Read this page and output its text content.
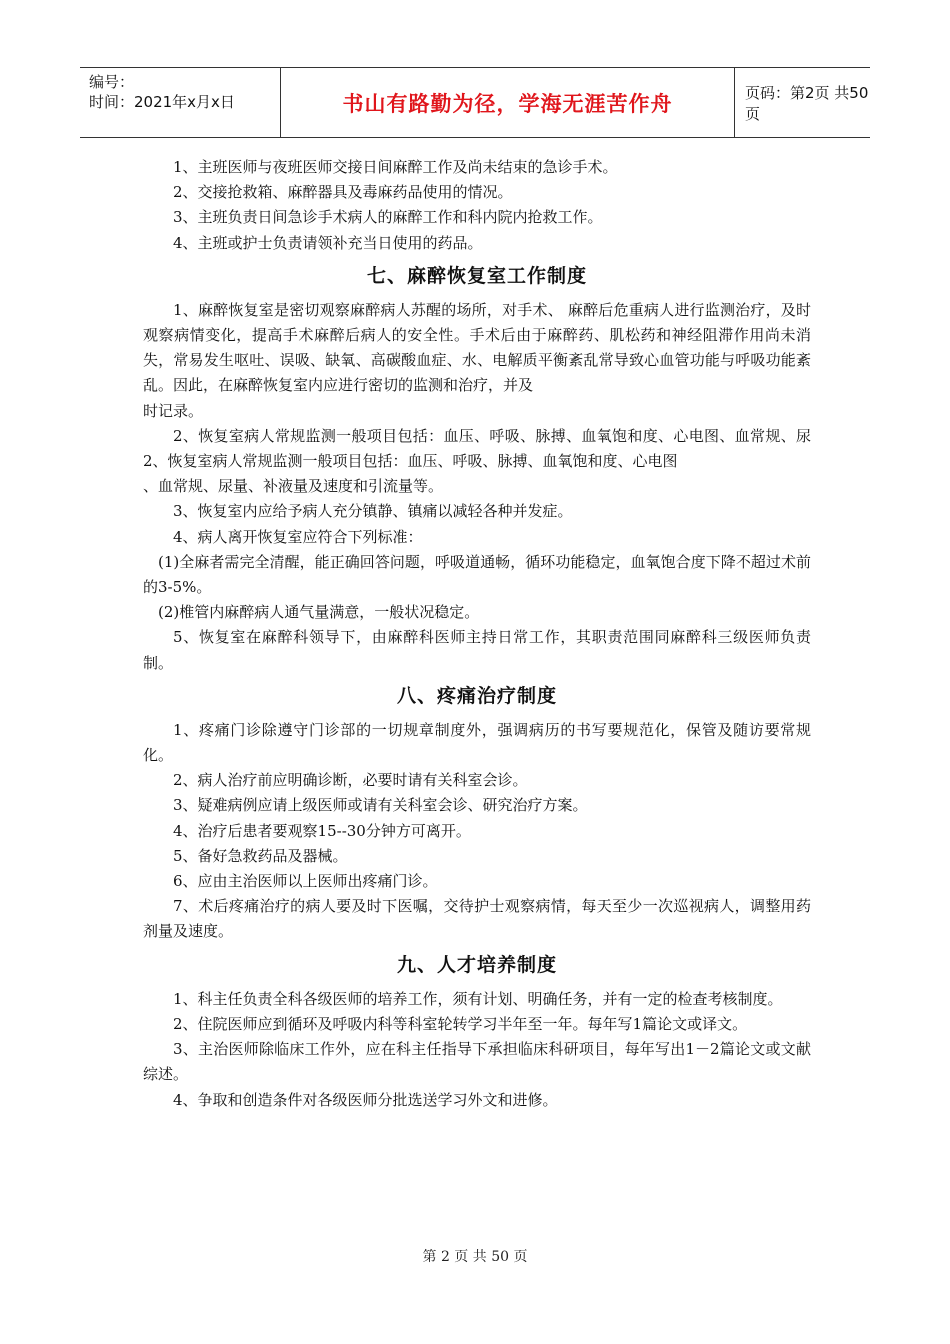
编号：
时间：2021年x月x日	书山有路勤为径，学海无涯苦作舟	页码：第2页 共50页

1、主班医师与夜班医师交接日间麻醉工作及尚未结束的急诊手术。

2、交接抢救箱、麻醉器具及毒麻药品使用的情况。

3、主班负责日间急诊手术病人的麻醉工作和科内院内抢救工作。

4、主班或护士负责请领补充当日使用的药品。

七、麻醉恢复室工作制度

1、麻醉恢复室是密切观察麻醉病人苏醒的场所，对手术、 麻醉后危重病人进行监测治疗，及时观察病情变化，提高手术麻醉后病人的安全性。手术后由于麻醉药、肌松药和神经阻滞作用尚未消失，常易发生呕吐、误吸、缺氧、高碳酸血症、水、电解质平衡紊乱常导致心血管功能与呼吸功能紊乱。因此，在麻醉恢复室内应进行密切的监测和治疗，并及

时记录。

2、恢复室病人常规监测一般项目包括：血压、呼吸、脉搏、血氧饱和度、心电图、血常规、尿2、恢复室病人常规监测一般项目包括：血压、呼吸、脉搏、血氧饱和度、心电图

、血常规、尿量、补液量及速度和引流量等。

3、恢复室内应给予病人充分镇静、镇痛以减轻各种并发症。

4、病人离开恢复室应符合下列标准：

(1)全麻者需完全清醒，能正确回答问题，呼吸道通畅，循环功能稳定，血氧饱合度下降不超过术前的3-5%。

(2)椎管内麻醉病人通气量满意，一般状况稳定。

5、恢复室在麻醉科领导下，由麻醉科医师主持日常工作，其职责范围同麻醉科三级医师负责制。

八、疼痛治疗制度

1、疼痛门诊除遵守门诊部的一切规章制度外，强调病历的书写要规范化，保管及随访要常规化。

2、病人治疗前应明确诊断，必要时请有关科室会诊。

3、疑难病例应请上级医师或请有关科室会诊、研究治疗方案。

4、治疗后患者要观察15--30分钟方可离开。

5、备好急救药品及器械。

6、应由主治医师以上医师出疼痛门诊。

7、术后疼痛治疗的病人要及时下医嘱，交待护士观察病情，每天至少一次巡视病人，调整用药剂量及速度。

九、人才培养制度

1、科主任负责全科各级医师的培养工作，须有计划、明确任务，并有一定的检查考核制度。

2、住院医师应到循环及呼吸内科等科室轮转学习半年至一年。每年写1篇论文或译文。

3、主治医师除临床工作外，应在科主任指导下承担临床科研项目，每年写出1－2篇论文或文献综述。

4、争取和创造条件对各级医师分批选送学习外文和进修。

第 2 页 共 50 页
